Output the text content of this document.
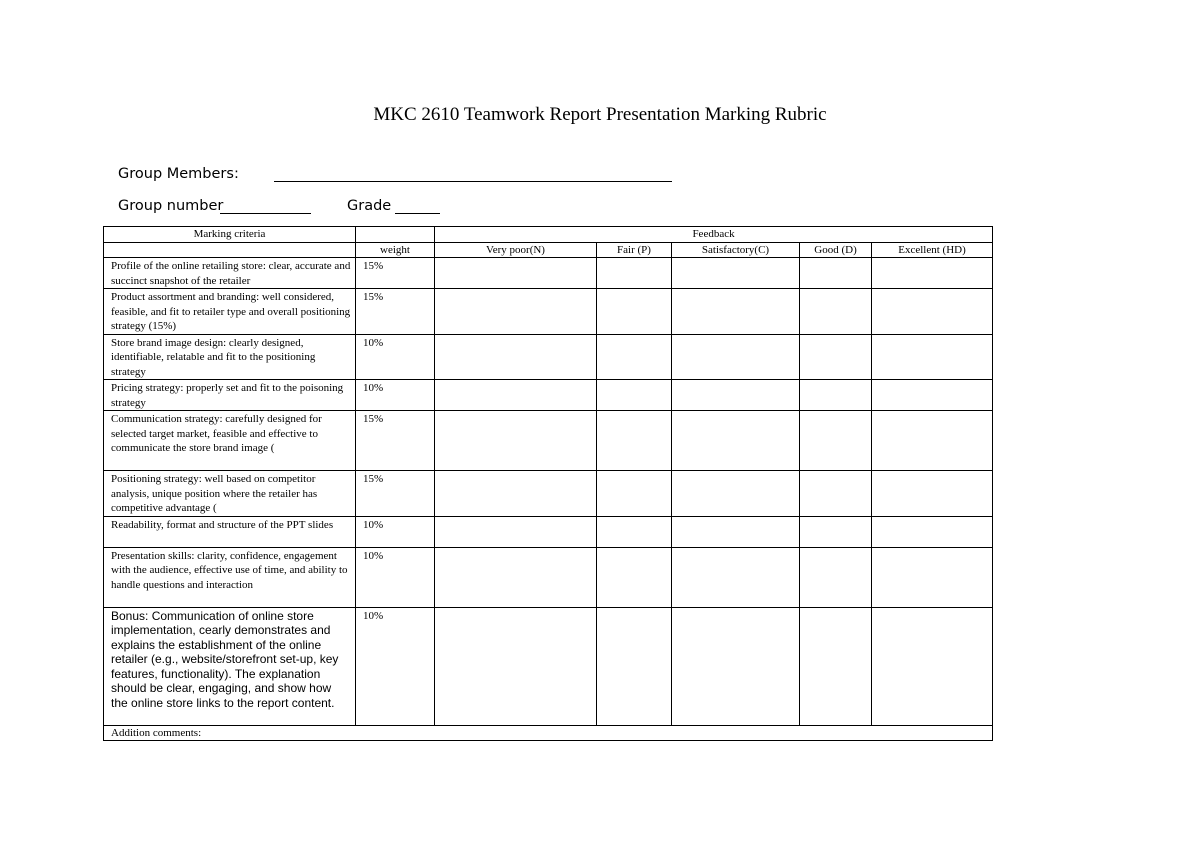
MKC 2610 Teamwork Report Presentation Marking Rubric
Group Members:
Group number	Grade
Marking criteria		Feedback				
	weight	Very poor(N)	Fair (P)	Satisfactory(C)	Good (D)	Excellent (HD)
Profile of the online retailing store: clear, accurate and succinct snapshot of the retailer	15%					
Product assortment and branding: well considered, feasible, and fit to retailer type and overall positioning strategy (15%)	15%					
Store brand image design: clearly designed, identifiable, relatable and fit to the positioning strategy	10%					
Pricing strategy: properly set and fit to the poisoning strategy	10%					
Communication strategy: carefully designed for selected target market, feasible and effective to communicate the store brand image (	15%					
Positioning strategy: well based on competitor analysis, unique position where the retailer has competitive advantage (	15%					
Readability, format and structure of the PPT slides	10%					
Presentation skills: clarity, confidence, engagement with the audience, effective use of time, and ability to handle questions and interaction	10%					
Bonus: Communication of online store implementation, cearly demonstrates and explains the establishment of the online retailer (e.g., website/storefront set-up, key features, functionality). The explanation should be clear, engaging, and show how the online store links to the report content.	10%					
Addition comments:						
